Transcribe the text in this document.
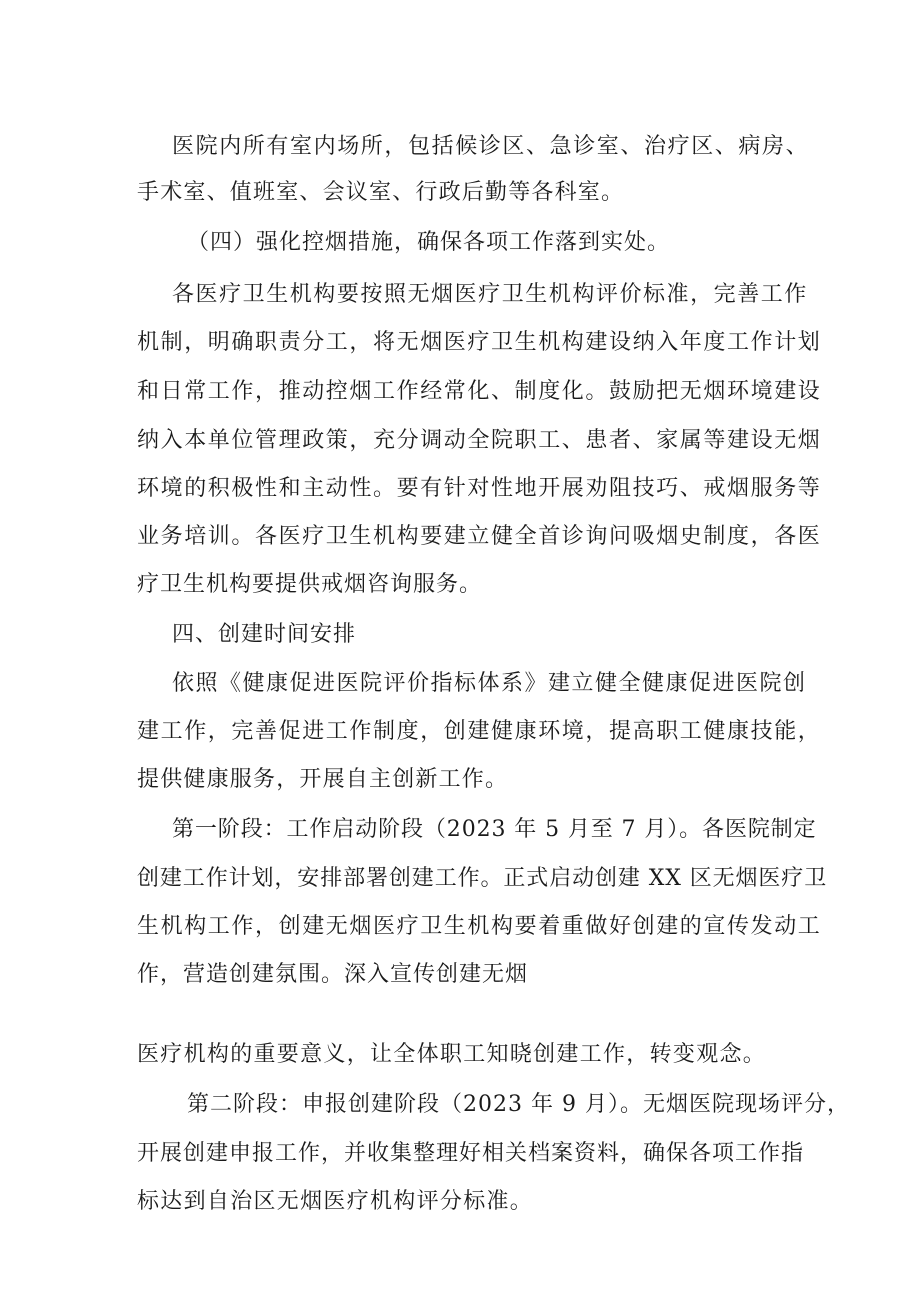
医院内所有室内场所，包括候诊区、急诊室、治疗区、病房、
手术室、值班室、会议室、行政后勤等各科室。
（四）强化控烟措施，确保各项工作落到实处。
各医疗卫生机构要按照无烟医疗卫生机构评价标准，完善工作
机制，明确职责分工，将无烟医疗卫生机构建设纳入年度工作计划
和日常工作，推动控烟工作经常化、制度化。鼓励把无烟环境建设
纳入本单位管理政策，充分调动全院职工、患者、家属等建设无烟
环境的积极性和主动性。要有针对性地开展劝阻技巧、戒烟服务等
业务培训。各医疗卫生机构要建立健全首诊询问吸烟史制度，各医
疗卫生机构要提供戒烟咨询服务。
四、创建时间安排
依照《健康促进医院评价指标体系》建立健全健康促进医院创
建工作，完善促进工作制度，创建健康环境，提高职工健康技能，
提供健康服务，开展自主创新工作。
第一阶段：工作启动阶段（2023 年 5 月至 7 月）。各医院制定
创建工作计划，安排部署创建工作。正式启动创建 XX 区无烟医疗卫
生机构工作，创建无烟医疗卫生机构要着重做好创建的宣传发动工
作，营造创建氛围。深入宣传创建无烟
医疗机构的重要意义，让全体职工知晓创建工作，转变观念。
第二阶段：申报创建阶段（2023 年 9 月）。无烟医院现场评分，
开展创建申报工作，并收集整理好相关档案资料，确保各项工作指
标达到自治区无烟医疗机构评分标准。
